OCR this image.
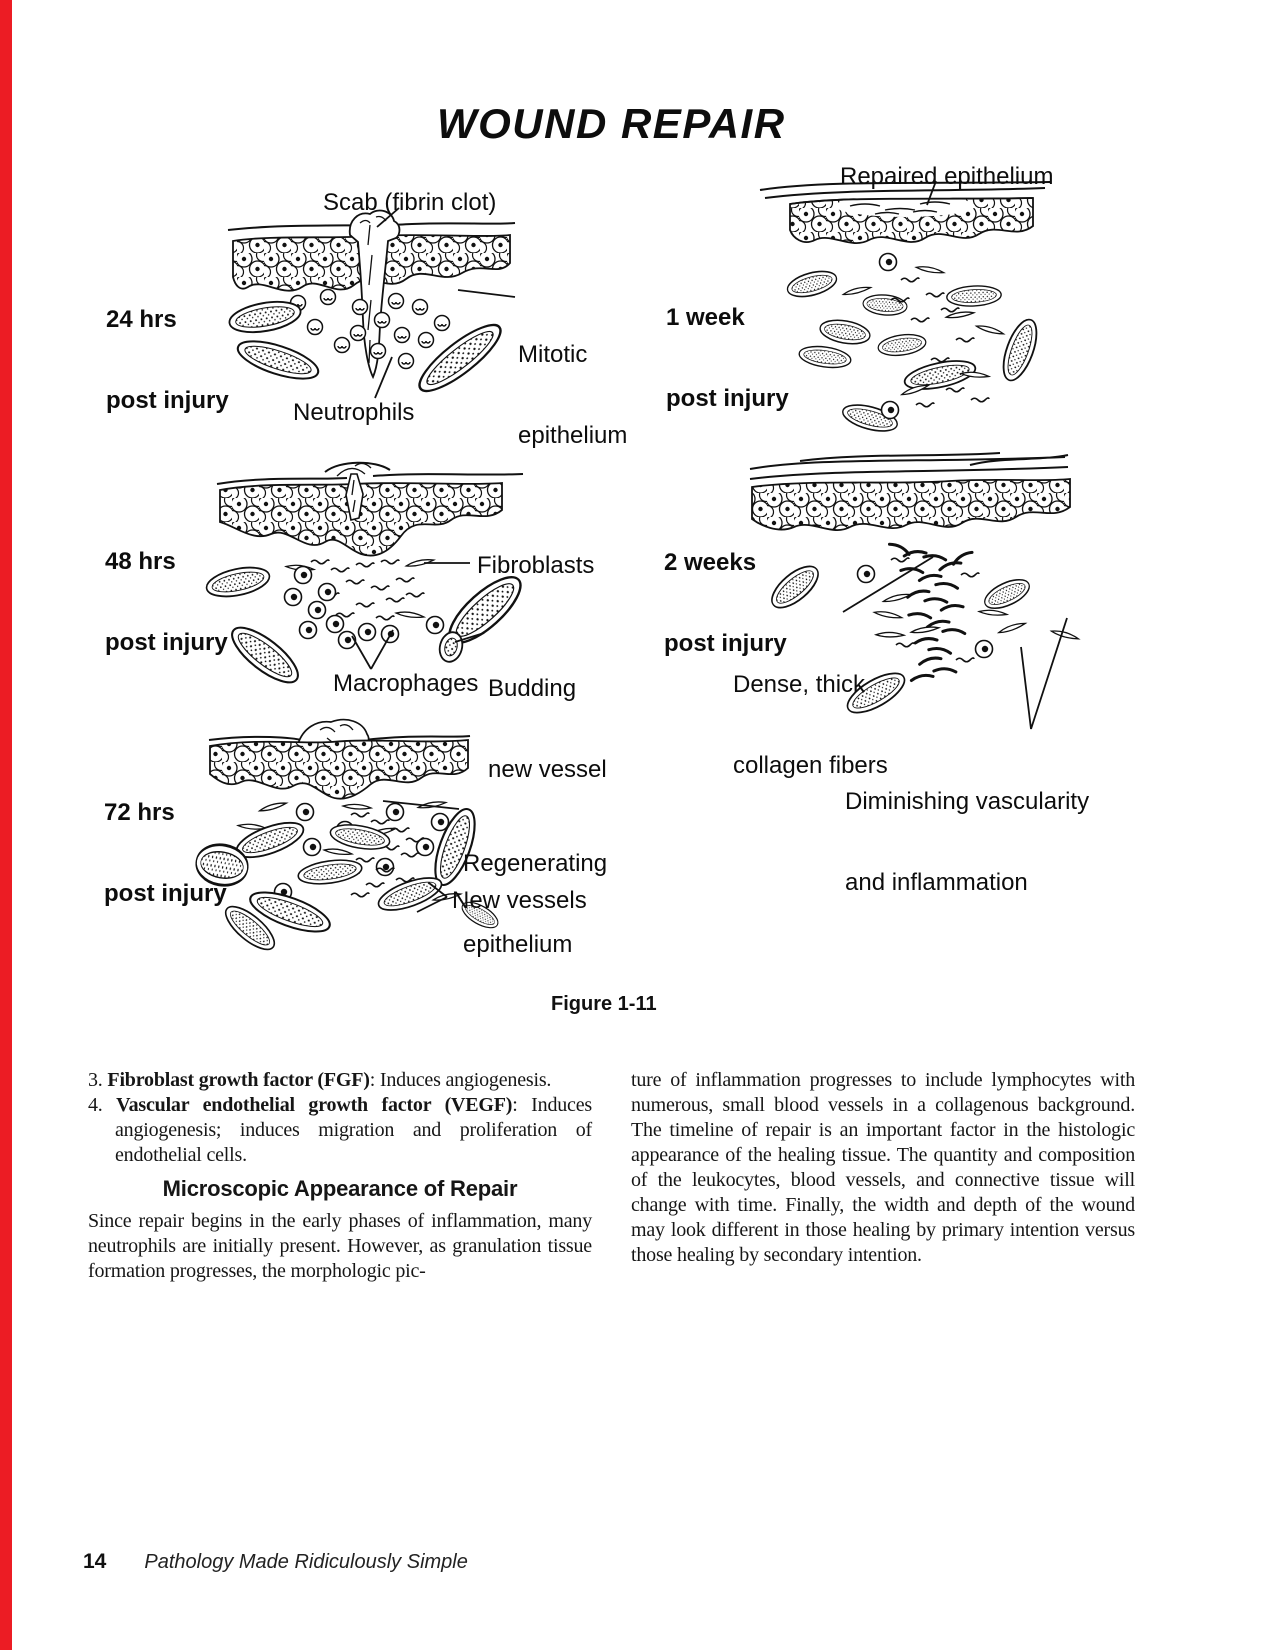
WOUND REPAIR
Scab (fibrin clot)

24 hrs

post injury

Mitotic

epithelium

Neutrophils
Repaired epithelium

1 week

post injury

48 hrs

post injury

Fibroblasts

Budding

new vessel

Macrophages

2 weeks

post injury

Dense, thick

collagen fibers

Diminishing vascularity

and inflammation

72 hrs

post injury

Regenerating

epithelium

New vessels
Figure 1-11
3. Fibroblast growth factor (FGF): Induces angiogenesis.
4. Vascular endothelial growth factor (VEGF): Induces angiogenesis; induces migration and proliferation of endothelial cells.
Microscopic Appearance of Repair
Since repair begins in the early phases of inflammation, many neutrophils are initially present. However, as granulation tissue formation progresses, the morphologic pic-
ture of inflammation progresses to include lymphocytes with numerous, small blood vessels in a collagenous background. The timeline of repair is an important factor in the histologic appearance of the healing tissue. The quantity and composition of the leukocytes, blood vessels, and connective tissue will change with time. Finally, the width and depth of the wound may look different in those healing by primary intention versus those healing by secondary intention.
14 Pathology Made Ridiculously Simple
